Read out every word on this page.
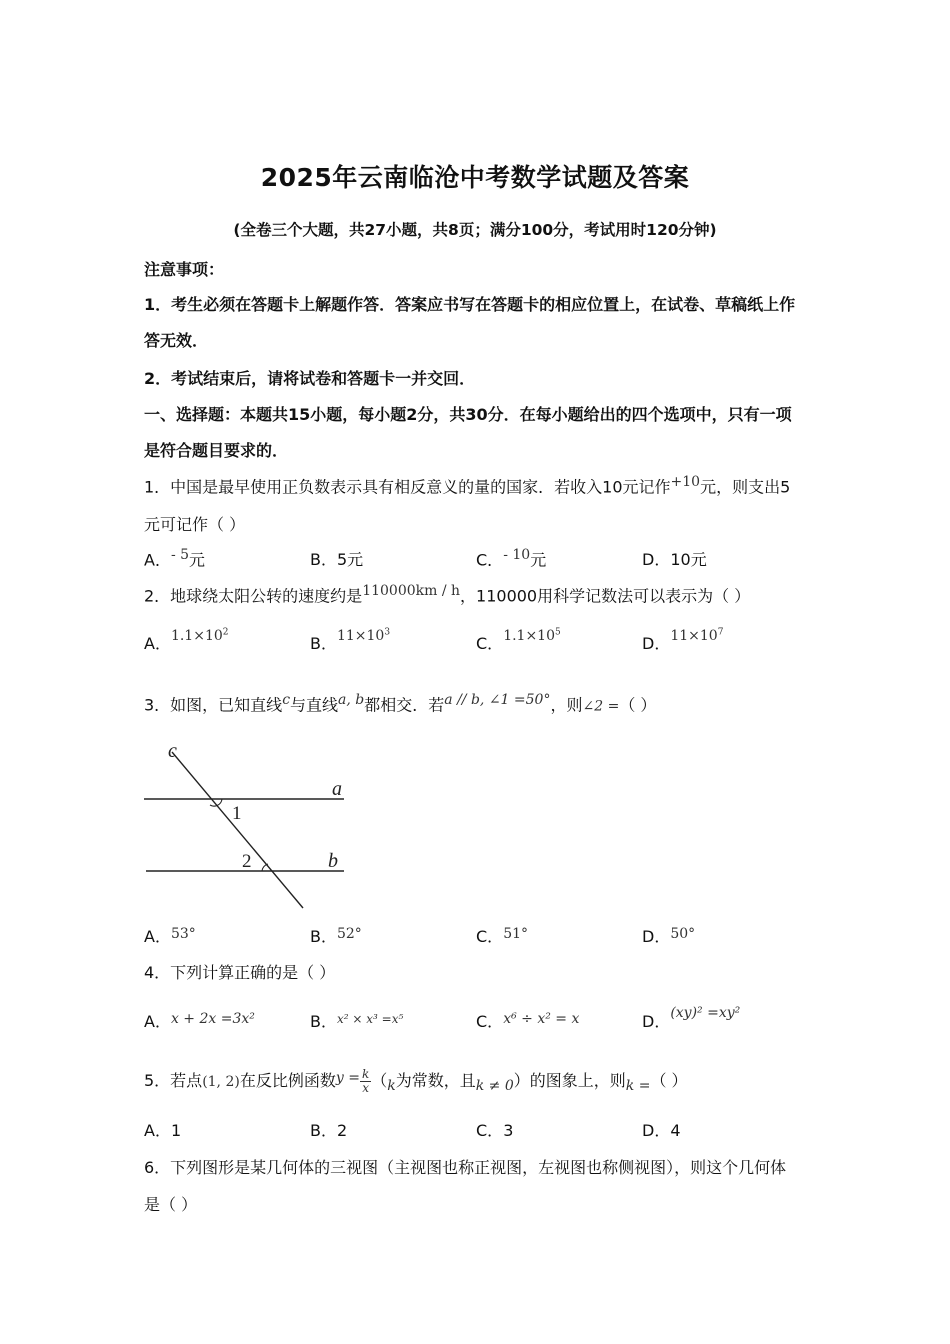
2025年云南临沧中考数学试题及答案
(全卷三个大题，共27小题，共8页；满分100分，考试用时120分钟)
注意事项：
1．考生必须在答题卡上解题作答．答案应书写在答题卡的相应位置上，在试卷、草稿纸上作
答无效．
2．考试结束后，请将试卷和答题卡一并交回．
一、选择题：本题共15小题，每小题2分，共30分．在每小题给出的四个选项中，只有一项
是符合题目要求的．
1．中国是最早使用正负数表示具有相反意义的量的国家．若收入10元记作$^{+10}$元，则支出5
元可记作（ ）
A．$^{- 5}$元	B．5元	C．$^{- 10}$元	D．10元
2．地球绕太阳公转的速度约是$^{110000km / h}$，110000用科学记数法可以表示为（ ）
A．$1.1\times 10^2$
B．$11\times 10^3$
C．$1.1\times 10^5$
D．$11\times 10^7$
3．如图，已知直线$^c$与直线$^{a, b}$都相交．若$^{a // b, \angle 1 =50^\circ}$，则∠2 =（ ）
c
a
b
1
2
A．53°	B．52°	C．51°	D．50°
4．下列计算正确的是（ ）
A．x + 2x =3x²	B．$^{x^2 \times x^3 =x^5}$	C．x⁶ ÷ x² = x	D．(xy)² =xy²
5．若点(1, 2)在反比例函数$y = \frac{k}{x} (_k$为常数，且$_{k \ne 0}$）的图象上，则$_{k =}$（ ）
A．1	B．2	C．3	D．4
6．下列图形是某几何体的三视图（主视图也称正视图，左视图也称侧视图），则这个几何体
是（ ）
